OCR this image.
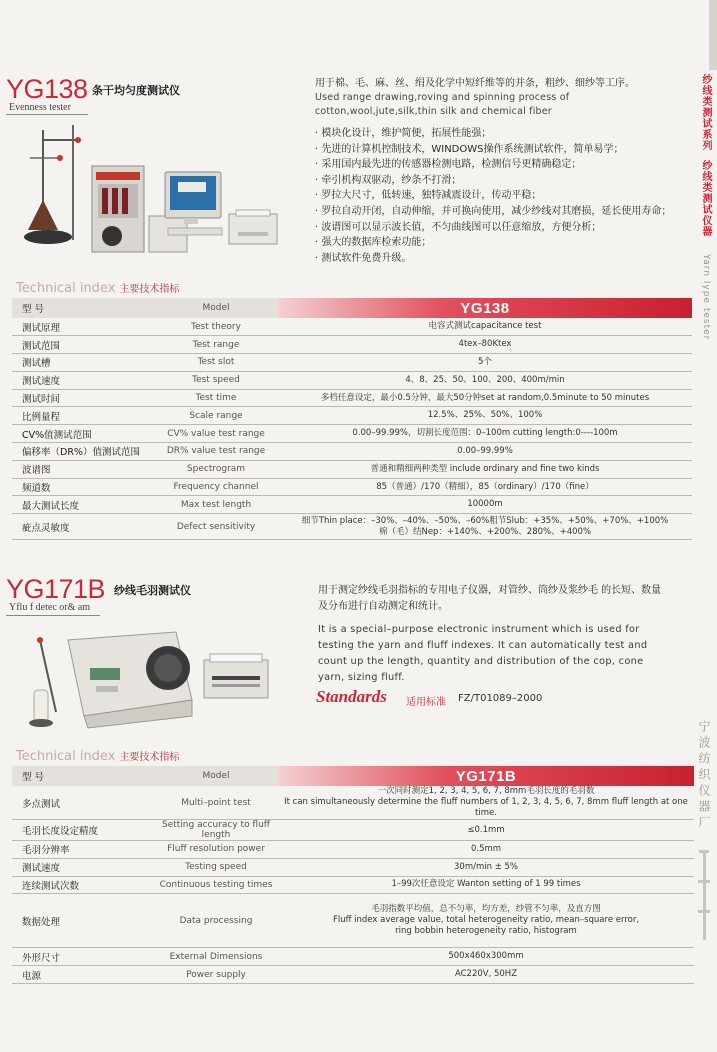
纱线类测试系列
纱线类测试仪器
Yarn lype tester
宁波纺织仪器厂
YG138 条干均匀度测试仪
Evenness tester
用于棉、毛、麻、丝、绢及化学中短纤维等的并条，粗纱、细纱等工序。
Used range drawing,roving and spinning process of
cotton,wool,jute,silk,thin silk and chemical fiber
· 模块化设计，维护简便，拓展性能强；
· 先进的计算机控制技术，WINDOWS操作系统测试软件，简单易学；
· 采用国内最先进的传感器检测电路，检测信号更精确稳定；
· 牵引机构双驱动，纱条不打滑；
· 罗拉大尺寸，低转速，独特减震设计，传动平稳；
· 罗拉自动开闭，自动伸缩，并可换向使用，减少纱线对其磨损，延长使用寿命；
· 波谱图可以显示波长值，不匀曲线图可以任意缩放，方便分析；
· 强大的数据库检索功能；
· 测试软件免费升级。
Technical index 主要技术指标
型 号	Model	YG138
测试原理	Test theory	电容式测试capacitance test
测试范围	Test range	4tex–80Ktex
测试槽	Test slot	5个
测试速度	Test speed	4、8、25、50、100、200、400m/min
测试时间	Test time	多档任意设定，最小0.5分钟，最大50分钟set at random,0.5minute to 50 minutes
比例量程	Scale range	12.5%、25%、50%、100%
CV%值测试范围	CV% value test range	0.00–99.99%，切割长度范围：0–100m cutting length:0----100m
偏移率（DR%）值测试范围	DR% value test range	0.00–99.99%
波谱图	Spectrogram	普通和精细两种类型 include ordinary and fine two kinds
频道数	Frequency channel	85（普通）/170（精细），85（ordinary）/170（fine）
最大测试长度	Max test length	10000m
疵点灵敏度	Defect sensitivity	细节Thin place：–30%、–40%、–50%、–60%粗节Slub：+35%、+50%、+70%、+100%
棉（毛）结Nep：+140%、+200%、280%、+400%
YG171B 纱线毛羽测试仪
Yflu f detec or& am
用于测定纱线毛羽指标的专用电子仪器，对管纱、筒纱及浆纱毛 的长短、数量及分布进行自动测定和统计。
It is a special–purpose electronic instrument which is used for testing the yarn and fluff indexes. It can automatically test and count up the length, quantity and distribution of the cop, cone yarn, sizing fluff.
Standards 适用标准 FZ/T01089–2000
Technical index 主要技术指标
型 号	Model	YG171B
多点测试	Multi–point test	一次同时测定1, 2, 3, 4, 5, 6, 7, 8mm毛羽长度的毛羽数
It can simultaneously determine the fluff numbers of 1, 2, 3, 4, 5, 6, 7, 8mm fluff length at one time.
毛羽长度设定精度	Setting accuracy to fluff length	≤0.1mm
毛羽分辨率	Fluff resolution power	0.5mm
测试速度	Testing speed	30m/min ± 5%
连续测试次数	Continuous testing times	1–99次任意设定 Wanton setting of 1 99 times
数据处理	Data processing	毛羽指数平均值，总不匀率，均方差，纱管不匀率，及直方图
Fluff index average value, total heterogeneity ratio, mean–square error,
ring bobbin heterogeneity ratio, histogram
外形尺寸	External Dimensions	500x460x300mm
电源	Power supply	AC220V, 50HZ
